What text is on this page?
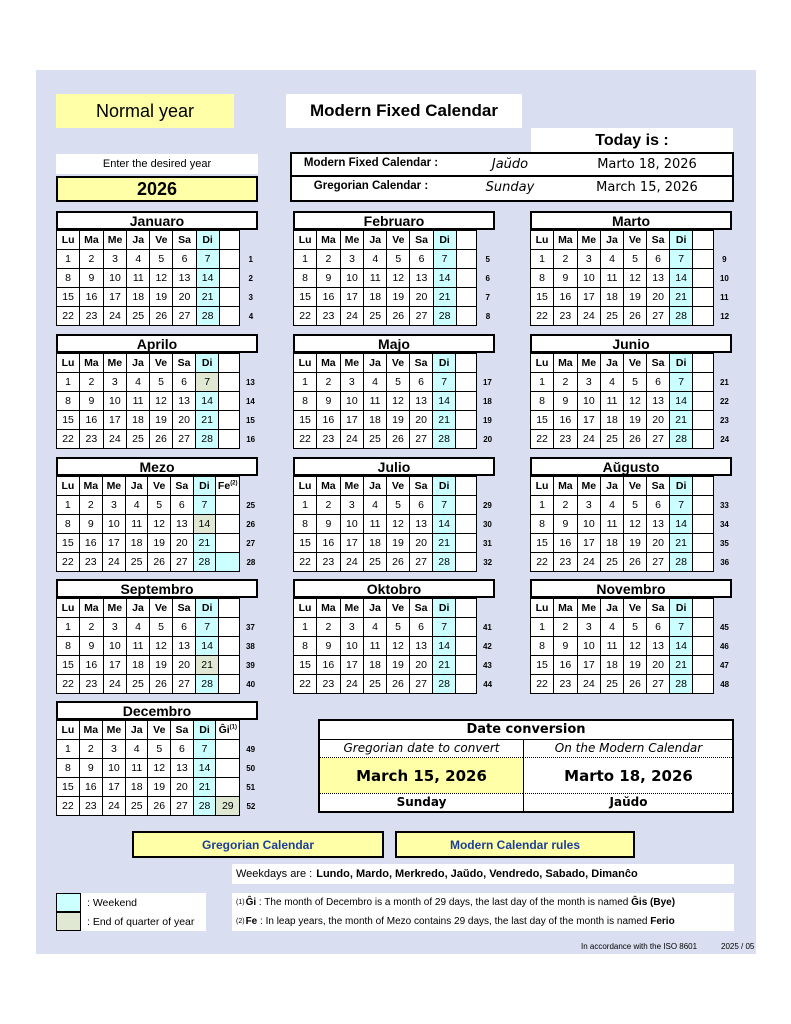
Normal year	Modern Fixed Calendar
Today is :
Modern Fixed Calendar :	Jaŭdo	Marto 18, 2026
Gregorian Calendar :	Sunday	March 15, 2026
Enter the desired year
2026
Januaro
Lu	Ma	Me	Ja	Ve	Sa	Di		
1	2	3	4	5	6	7		1
8	9	10	11	12	13	14		2
15	16	17	18	19	20	21		3
22	23	24	25	26	27	28		4
Februaro
Lu	Ma	Me	Ja	Ve	Sa	Di		
1	2	3	4	5	6	7		5
8	9	10	11	12	13	14		6
15	16	17	18	19	20	21		7
22	23	24	25	26	27	28		8
Marto
Lu	Ma	Me	Ja	Ve	Sa	Di		
1	2	3	4	5	6	7		9
8	9	10	11	12	13	14		10
15	16	17	18	19	20	21		11
22	23	24	25	26	27	28		12
Aprilo
Lu	Ma	Me	Ja	Ve	Sa	Di		
1	2	3	4	5	6	7		13
8	9	10	11	12	13	14		14
15	16	17	18	19	20	21		15
22	23	24	25	26	27	28		16
Majo
Lu	Ma	Me	Ja	Ve	Sa	Di		
1	2	3	4	5	6	7		17
8	9	10	11	12	13	14		18
15	16	17	18	19	20	21		19
22	23	24	25	26	27	28		20
Junio
Lu	Ma	Me	Ja	Ve	Sa	Di		
1	2	3	4	5	6	7		21
8	9	10	11	12	13	14		22
15	16	17	18	19	20	21		23
22	23	24	25	26	27	28		24
Mezo
Lu	Ma	Me	Ja	Ve	Sa	Di	Fe$^{(2)}$	
1	2	3	4	5	6	7		25
8	9	10	11	12	13	14		26
15	16	17	18	19	20	21		27
22	23	24	25	26	27	28		28
Julio
Lu	Ma	Me	Ja	Ve	Sa	Di		
1	2	3	4	5	6	7		29
8	9	10	11	12	13	14		30
15	16	17	18	19	20	21		31
22	23	24	25	26	27	28		32
Aŭgusto
Lu	Ma	Me	Ja	Ve	Sa	Di		
1	2	3	4	5	6	7		33
8	9	10	11	12	13	14		34
15	16	17	18	19	20	21		35
22	23	24	25	26	27	28		36
Septembro
Lu	Ma	Me	Ja	Ve	Sa	Di		
1	2	3	4	5	6	7		37
8	9	10	11	12	13	14		38
15	16	17	18	19	20	21		39
22	23	24	25	26	27	28		40
Oktobro
Lu	Ma	Me	Ja	Ve	Sa	Di		
1	2	3	4	5	6	7		41
8	9	10	11	12	13	14		42
15	16	17	18	19	20	21		43
22	23	24	25	26	27	28		44
Novembro
Lu	Ma	Me	Ja	Ve	Sa	Di		
1	2	3	4	5	6	7		45
8	9	10	11	12	13	14		46
15	16	17	18	19	20	21		47
22	23	24	25	26	27	28		48
Decembro
Lu	Ma	Me	Ja	Ve	Sa	Di	$Ĝi^{(1)}$	
1	2	3	4	5	6	7		49
8	9	10	11	12	13	14		50
15	16	17	18	19	20	21		51
22	23	24	25	26	27	28	29	52
Date conversion
Gregorian date to convert
March 15, 2026
Sunday
On the Modern Calendar
Marto 18, 2026
Jaŭdo
Gregorian Calendar	Modern Calendar rules
Weekdays are : Lundo, Mardo, Merkredo, Jaŭdo, Vendredo, Sabado, Dimanĉo
: Weekend
: End of quarter of year
(1) Ĝi : The month of Decembro is a month of 29 days, the last day of the month is named Ĝis (Bye)
(2) Fe : In leap years, the month of Mezo contains 29 days, the last day of the month is named Ferio
In accordance with the ISO 8601	2025 / 05
